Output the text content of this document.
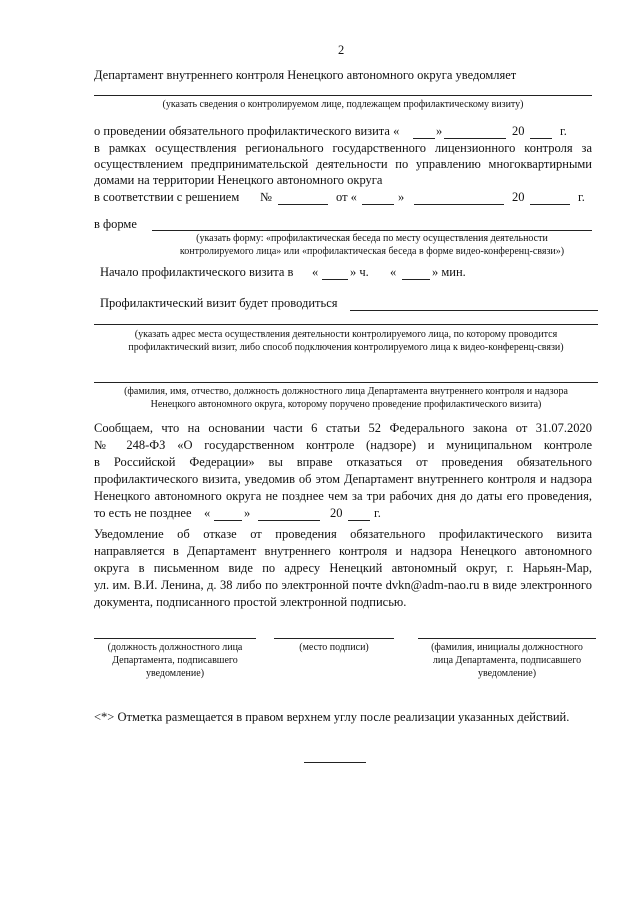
2
Департамент внутреннего контроля Ненецкого автономного округа уведомляет
(указать сведения о контролируемом лице, подлежащем профилактическому визиту)
о проведении обязательного профилактического визита «	»	20	г.
в рамках осуществления регионального государственного лицензионного контроля за
осуществлением предпринимательской деятельности по управлению многоквартирными
домами на территории Ненецкого автономного округа
в соответствии с решением №	от «	»	20	г.
в форме
(указать форму: «профилактическая беседа по месту осуществления деятельности
контролируемого лица» или «профилактическая беседа в форме видео-конференц-связи»)
Начало профилактического визита в «	» ч. «	» мин.
Профилактический визит будет проводиться
(указать адрес места осуществления деятельности контролируемого лица, по которому проводится
профилактический визит, либо способ подключения контролируемого лица к видео-конференц-связи)
(фамилия, имя, отчество, должность должностного лица Департамента внутреннего контроля и надзора
Ненецкого автономного округа, которому поручено проведение профилактического визита)
Сообщаем, что на основании части 6 статьи 52 Федерального закона от 31.07.2020
№ 248-ФЗ «О государственном контроле (надзоре) и муниципальном контроле
в Российской Федерации» вы вправе отказаться от проведения обязательного
профилактического визита, уведомив об этом Департамент внутреннего контроля и надзора
Ненецкого автономного округа не позднее чем за три рабочих дня до даты его проведения,
то есть не позднее «	»	20	г.
Уведомление об отказе от проведения обязательного профилактического визита
направляется в Департамент внутреннего контроля и надзора Ненецкого автономного
округа в письменном виде по адресу Ненецкий автономный округ, г. Нарьян-Мар,
ул. им. В.И. Ленина, д. 38 либо по электронной почте dvkn@adm-nao.ru в виде электронного
документа, подписанного простой электронной подписью.
(должность должностного лица
Департамента, подписавшего
уведомление)
(место подписи)	(фамилия, инициалы должностного
лица Департамента, подписавшего
уведомление)
<*> Отметка размещается в правом верхнем углу после реализации указанных действий.
